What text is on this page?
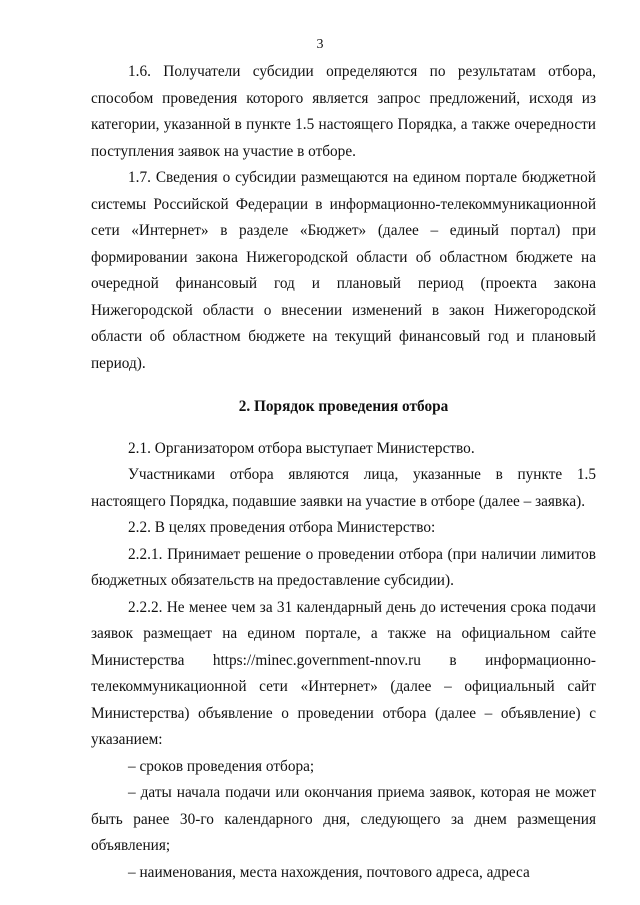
3

1.6. Получатели субсидии определяются по результатам отбора, способом проведения которого является запрос предложений, исходя из категории, указанной в пункте 1.5 настоящего Порядка, а также очередности поступления заявок на участие в отборе.

1.7. Сведения о субсидии размещаются на едином портале бюджетной системы Российской Федерации в информационно-телекоммуникационной сети «Интернет» в разделе «Бюджет» (далее – единый портал) при формировании закона Нижегородской области об областном бюджете на очередной финансовый год и плановый период (проекта закона Нижегородской области о внесении изменений в закон Нижегородской области об областном бюджете на текущий финансовый год и плановый период).

2. Порядок проведения отбора

2.1. Организатором отбора выступает Министерство.

Участниками отбора являются лица, указанные в пункте 1.5 настоящего Порядка, подавшие заявки на участие в отборе (далее – заявка).

2.2. В целях проведения отбора Министерство:

2.2.1. Принимает решение о проведении отбора (при наличии лимитов бюджетных обязательств на предоставление субсидии).

2.2.2. Не менее чем за 31 календарный день до истечения срока подачи заявок размещает на едином портале, а также на официальном сайте Министерства https://minec.government-nnov.ru в информационно-телекоммуникационной сети «Интернет» (далее – официальный сайт Министерства) объявление о проведении отбора (далее – объявление) с указанием:

– сроков проведения отбора;

– даты начала подачи или окончания приема заявок, которая не может быть ранее 30-го календарного дня, следующего за днем размещения объявления;

– наименования, места нахождения, почтового адреса, адреса
